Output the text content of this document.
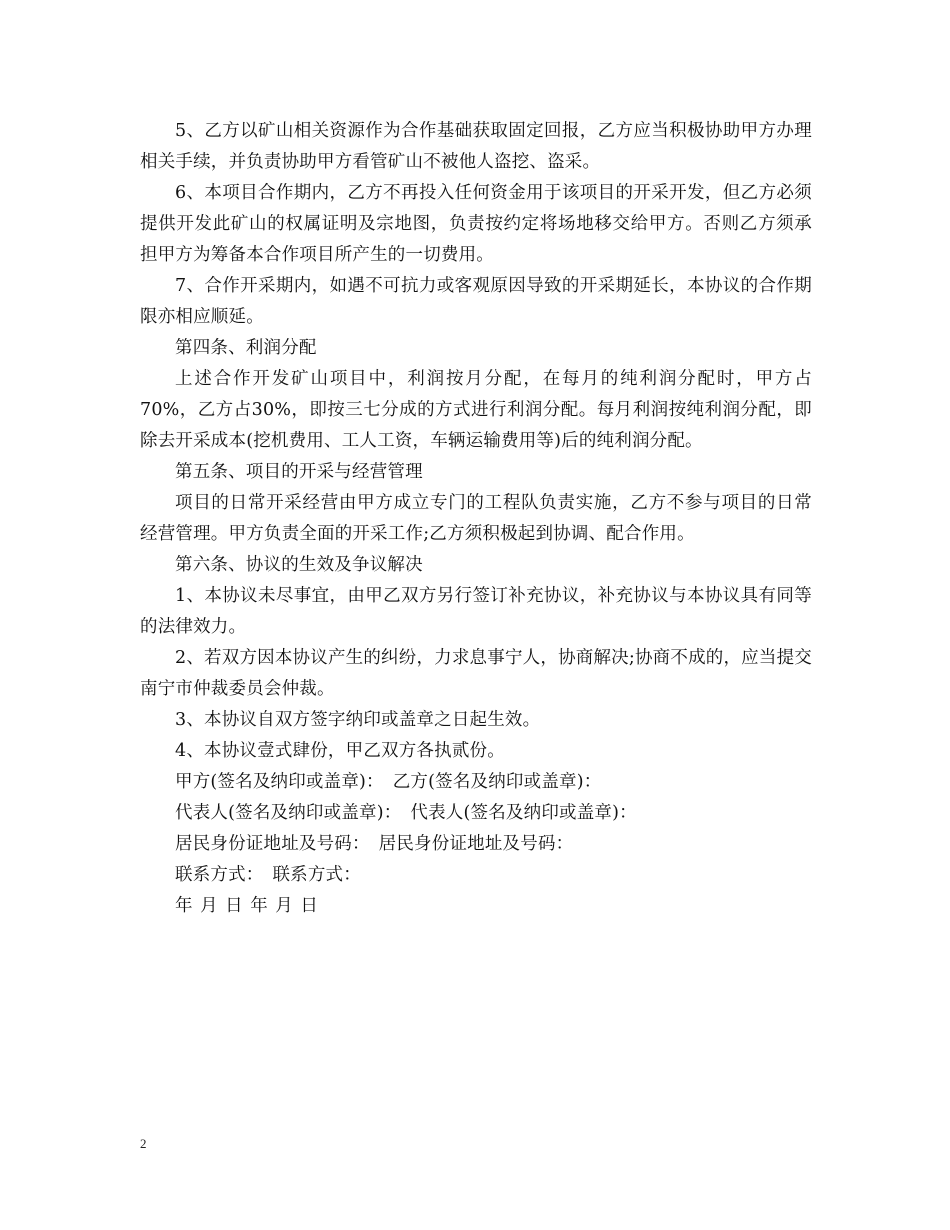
5、乙方以矿山相关资源作为合作基础获取固定回报，乙方应当积极协助甲方办理相关手续，并负责协助甲方看管矿山不被他人盗挖、盗采。

6、本项目合作期内，乙方不再投入任何资金用于该项目的开采开发，但乙方必须提供开发此矿山的权属证明及宗地图，负责按约定将场地移交给甲方。否则乙方须承担甲方为筹备本合作项目所产生的一切费用。

7、合作开采期内，如遇不可抗力或客观原因导致的开采期延长，本协议的合作期限亦相应顺延。

第四条、利润分配

上述合作开发矿山项目中，利润按月分配，在每月的纯利润分配时，甲方占70%，乙方占30%，即按三七分成的方式进行利润分配。每月利润按纯利润分配，即除去开采成本(挖机费用、工人工资，车辆运输费用等)后的纯利润分配。

第五条、项目的开采与经营管理

项目的日常开采经营由甲方成立专门的工程队负责实施，乙方不参与项目的日常经营管理。甲方负责全面的开采工作;乙方须积极起到协调、配合作用。

第六条、协议的生效及争议解决

1、本协议未尽事宜，由甲乙双方另行签订补充协议，补充协议与本协议具有同等的法律效力。

2、若双方因本协议产生的纠纷，力求息事宁人，协商解决;协商不成的，应当提交南宁市仲裁委员会仲裁。

3、本协议自双方签字纳印或盖章之日起生效。

4、本协议壹式肆份，甲乙双方各执贰份。

甲方(签名及纳印或盖章)：　乙方(签名及纳印或盖章)：

代表人(签名及纳印或盖章)：　代表人(签名及纳印或盖章)：

居民身份证地址及号码：　居民身份证地址及号码：

联系方式：　联系方式：

年 月 日 年 月 日

2
